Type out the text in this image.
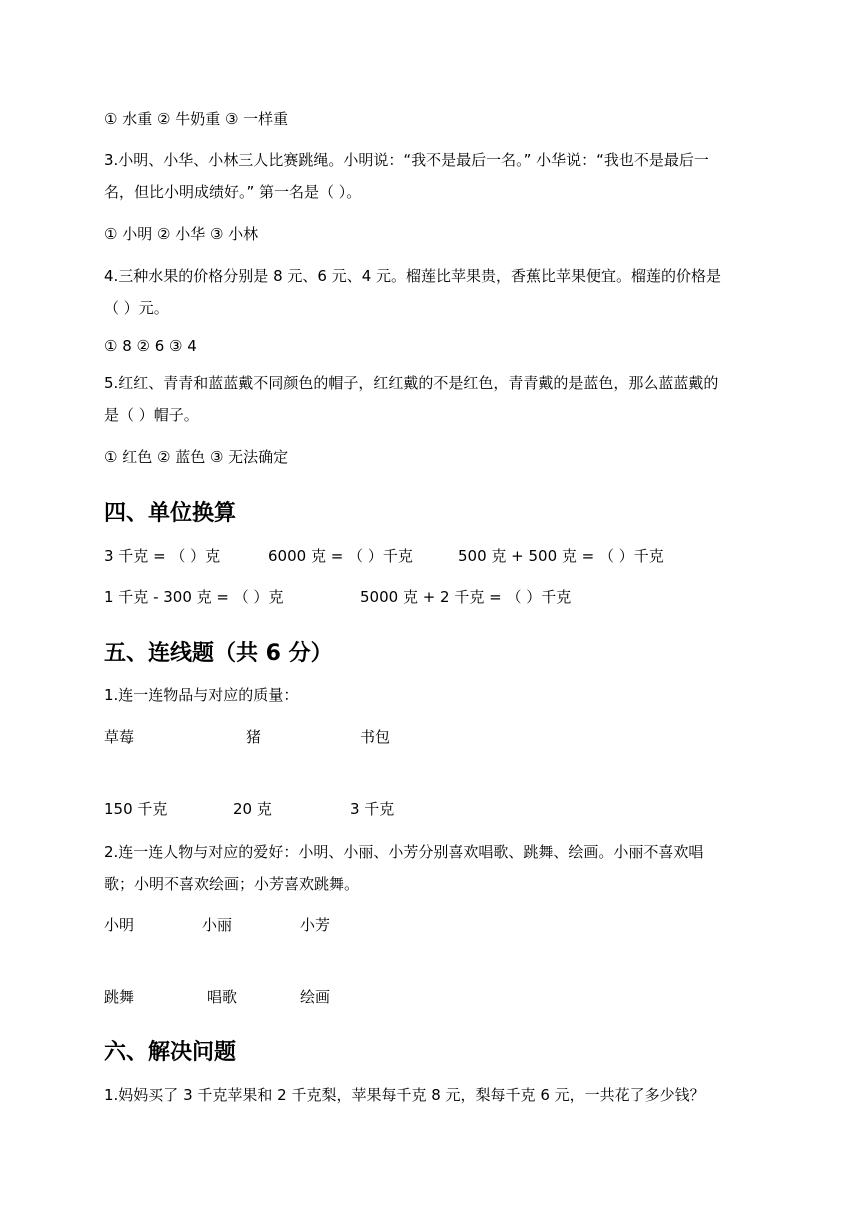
① 水重 ② 牛奶重 ③ 一样重
3.小明、小华、小林三人比赛跳绳。小明说：“我不是最后一名。” 小华说：“我也不是最后一
名，但比小明成绩好。” 第一名是（ ）。
① 小明 ② 小华 ③ 小林
4.三种水果的价格分别是 8 元、6 元、4 元。榴莲比苹果贵，香蕉比苹果便宜。榴莲的价格是
（ ）元。
① 8 ② 6 ③ 4
5.红红、青青和蓝蓝戴不同颜色的帽子，红红戴的不是红色，青青戴的是蓝色，那么蓝蓝戴的
是（ ）帽子。
① 红色 ② 蓝色 ③ 无法确定
四、单位换算
3 千克 = （ ）克	6000 克 = （ ）千克	500 克 + 500 克 = （ ）千克
1 千克 - 300 克 = （ ）克	5000 克 + 2 千克 = （ ）千克
五、连线题（共 6 分）
1.连一连物品与对应的质量：
草莓	猪	书包
150 千克	20 克	3 千克
2.连一连人物与对应的爱好：小明、小丽、小芳分别喜欢唱歌、跳舞、绘画。小丽不喜欢唱
歌；小明不喜欢绘画；小芳喜欢跳舞。
小明	小丽	小芳
跳舞	唱歌	绘画
六、解决问题
1.妈妈买了 3 千克苹果和 2 千克梨，苹果每千克 8 元，梨每千克 6 元，一共花了多少钱？
